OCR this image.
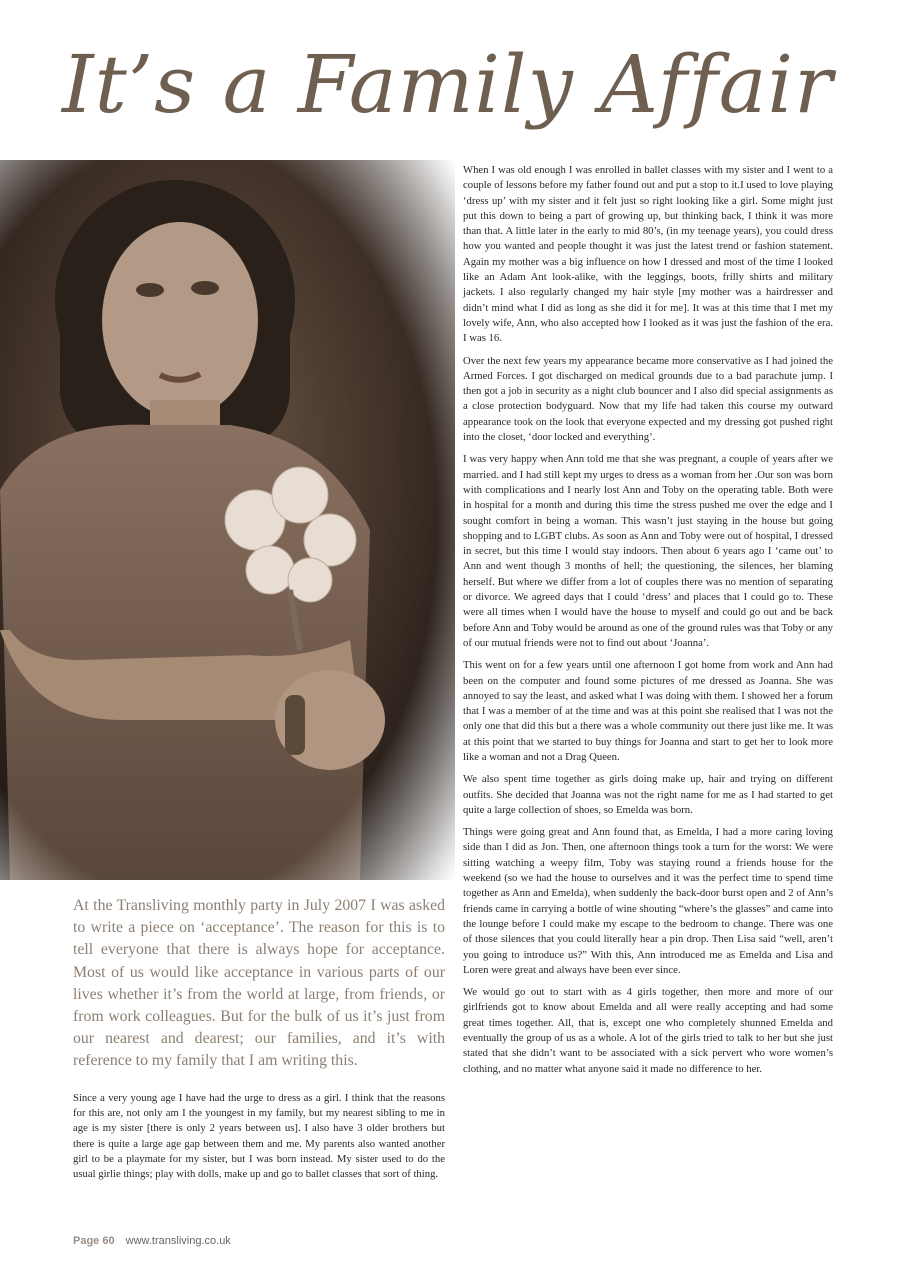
It’s a Family Affair

At the Transliving monthly party in July 2007 I was asked to write a piece on ‘acceptance’. The reason for this is to tell everyone that there is always hope for acceptance. Most of us would like acceptance in various parts of our lives whether it’s from the world at large, from friends, or from work colleagues. But for the bulk of us it’s just from our nearest and dearest; our families, and it’s with reference to my family that I am writing this.

Since a very young age I have had the urge to dress as a girl. I think that the reasons for this are, not only am I the youngest in my family, but my nearest sibling to me in age is my sister [there is only 2 years between us]. I also have 3 older brothers but there is quite a large age gap between them and me. My parents also wanted another girl to be a playmate for my sister, but I was born instead. My sister used to do the usual girlie things; play with dolls, make up and go to ballet classes that sort of thing.

When I was old enough I was enrolled in ballet classes with my sister and I went to a couple of lessons before my father found out and put a stop to it.I used to love playing ‘dress up’ with my sister and it felt just so right looking like a girl. Some might just put this down to being a part of growing up, but thinking back, I think it was more than that. A little later in the early to mid 80’s, (in my teenage years), you could dress how you wanted and people thought it was just the latest trend or fashion statement. Again my mother was a big influence on how I dressed and most of the time I looked like an Adam Ant look-alike, with the leggings, boots, frilly shirts and military jackets. I also regularly changed my hair style [my mother was a hairdresser and didn’t mind what I did as long as she did it for me]. It was at this time that I met my lovely wife, Ann, who also accepted how I looked as it was just the fashion of the era. I was 16.

Over the next few years my appearance became more conservative as I had joined the Armed Forces. I got discharged on medical grounds due to a bad parachute jump. I then got a job in security as a night club bouncer and I also did special assignments as a close protection bodyguard. Now that my life had taken this course my outward appearance took on the look that everyone expected and my dressing got pushed right into the closet, ‘door locked and everything’.

I was very happy when Ann told me that she was pregnant, a couple of years after we married. and I had still kept my urges to dress as a woman from her .Our son was born with complications and I nearly lost Ann and Toby on the operating table. Both were in hospital for a month and during this time the stress pushed me over the edge and I sought comfort in being a woman. This wasn’t just staying in the house but going shopping and to LGBT clubs. As soon as Ann and Toby were out of hospital, I dressed in secret, but this time I would stay indoors. Then about 6 years ago I ‘came out’ to Ann and went though 3 months of hell; the questioning, the silences, her blaming herself. But where we differ from a lot of couples there was no mention of separating or divorce. We agreed days that I could ‘dress’ and places that I could go to. These were all times when I would have the house to myself and could go out and be back before Ann and Toby would be around as one of the ground rules was that Toby or any of our mutual friends were not to find out about ‘Joanna’.

This went on for a few years until one afternoon I got home from work and Ann had been on the computer and found some pictures of me dressed as Joanna. She was annoyed to say the least, and asked what I was doing with them. I showed her a forum that I was a member of at the time and was at this point she realised that I was not the only one that did this but a there was a whole community out there just like me. It was at this point that we started to buy things for Joanna and start to get her to look more like a woman and not a Drag Queen.

We also spent time together as girls doing make up, hair and trying on different outfits. She decided that Joanna was not the right name for me as I had started to get quite a large collection of shoes, so Emelda was born.

Things were going great and Ann found that, as Emelda, I had a more caring loving side than I did as Jon. Then, one afternoon things took a turn for the worst: We were sitting watching a weepy film, Toby was staying round a friends house for the weekend (so we had the house to ourselves and it was the perfect time to spend time together as Ann and Emelda), when suddenly the back-door burst open and 2 of Ann’s friends came in carrying a bottle of wine shouting “where’s the glasses” and came into the lounge before I could make my escape to the bedroom to change. There was one of those silences that you could literally hear a pin drop. Then Lisa said “well, aren’t you going to introduce us?” With this, Ann introduced me as Emelda and Lisa and Loren were great and always have been ever since.

We would go out to start with as 4 girls together, then more and more of our girlfriends got to know about Emelda and all were really accepting and had some great times together. All, that is, except one who completely shunned Emelda and eventually the group of us as a whole. A lot of the girls tried to talk to her but she just stated that she didn’t want to be associated with a sick pervert who wore women’s clothing, and no matter what anyone said it made no difference to her.

Page 60 www.transliving.co.uk
